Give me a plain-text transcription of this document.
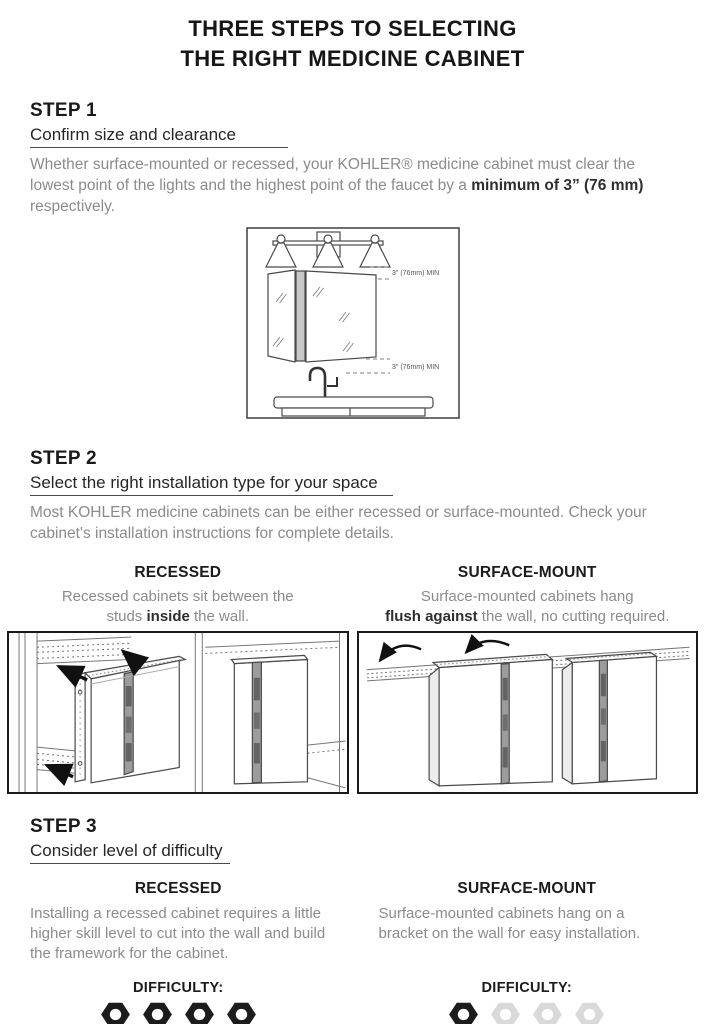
THREE STEPS TO SELECTING
THE RIGHT MEDICINE CABINET
STEP 1
Confirm size and clearance

Whether surface-mounted or recessed, your KOHLER® medicine cabinet must clear the lowest point of the lights and the highest point of the faucet by a minimum of 3” (76 mm) respectively.

3" (76mm) MIN
3" (76mm) MIN
STEP 2
Select the right installation type for your space

Most KOHLER medicine cabinets can be either recessed or surface-mounted. Check your cabinet's installation instructions for complete details.

RECESSED
Recessed cabinets sit between the
studs inside the wall.
SURFACE-MOUNT
Surface-mounted cabinets hang
flush against the wall, no cutting required.
STEP 3
Consider level of difficulty
RECESSED
Installing a recessed cabinet requires a little higher skill level to cut into the wall and build the framework for the cabinet.
DIFFICULTY:
SURFACE-MOUNT
Surface-mounted cabinets hang on a bracket on the wall for easy installation.
DIFFICULTY:
